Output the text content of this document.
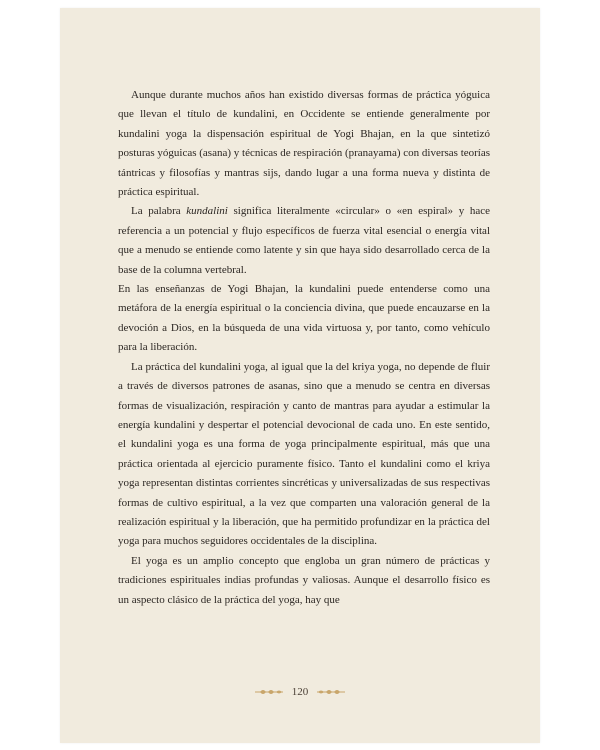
Aunque durante muchos años han existido diversas formas de práctica yóguica que llevan el título de kundalini, en Occidente se entiende generalmente por kundalini yoga la dispensación espiritual de Yogi Bhajan, en la que sintetizó posturas yóguicas (asana) y técnicas de respiración (pranayama) con diversas teorías tántricas y filosofías y mantras sijs, dando lugar a una forma nueva y distinta de práctica espiritual.

La palabra kundalini significa literalmente «circular» o «en espiral» y hace referencia a un potencial y flujo específicos de fuerza vital esencial o energía vital que a menudo se entiende como latente y sin que haya sido desarrollado cerca de la base de la columna vertebral.

En las enseñanzas de Yogi Bhajan, la kundalini puede entenderse como una metáfora de la energía espiritual o la conciencia divina, que puede encauzarse en la devoción a Dios, en la búsqueda de una vida virtuosa y, por tanto, como vehículo para la liberación.

La práctica del kundalini yoga, al igual que la del kriya yoga, no depende de fluir a través de diversos patrones de asanas, sino que a menudo se centra en diversas formas de visualización, respiración y canto de mantras para ayudar a estimular la energía kundalini y despertar el potencial devocional de cada uno. En este sentido, el kundalini yoga es una forma de yoga principalmente espiritual, más que una práctica orientada al ejercicio puramente físico. Tanto el kundalini como el kriya yoga representan distintas corrientes sincréticas y universalizadas de sus respectivas formas de cultivo espiritual, a la vez que comparten una valoración general de la realización espiritual y la liberación, que ha permitido profundizar en la práctica del yoga para muchos seguidores occidentales de la disciplina.

El yoga es un amplio concepto que engloba un gran número de prácticas y tradiciones espirituales indias profundas y valiosas. Aunque el desarrollo físico es un aspecto clásico de la práctica del yoga, hay que

120
